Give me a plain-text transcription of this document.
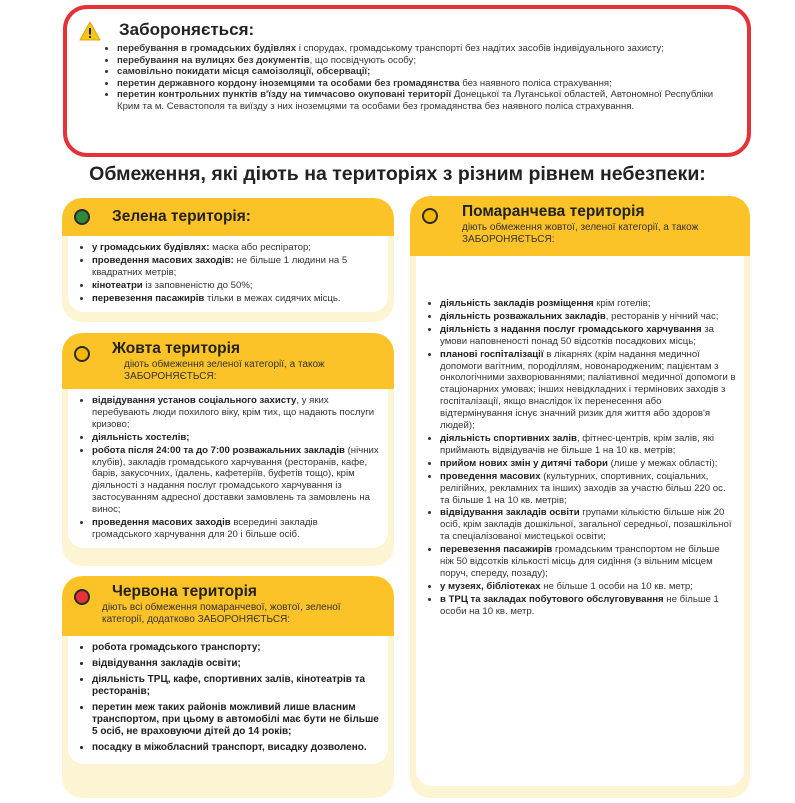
Забороняється:
• перебування в громадських будівлях і спорудах, громадському транспорті без надітих засобів індивідуального захисту;
• перебування на вулицях без документів, що посвідчують особу;
• самовільно покидати місця самоізоляції, обсервації;
• перетин державного кордону іноземцями та особами без громадянства без наявного поліса страхування;
• перетин контрольних пунктів в'їзду на тимчасово окуповані території Донецької та Луганської областей, Автономної Республіки Крим та м. Севастополя та виїзду з них іноземцями та особами без громадянства без наявного поліса страхування.
Обмеження, які діють на територіях з різним рівнем небезпеки:

Зелена територія:

• у громадських будівлях: маска або респіратор;
• проведення масових заходів: не більше 1 людини на 5 квадратних метрів;
• кінотеатри із заповненістю до 50%;
• перевезення пасажирів тільки в межах сидячих місць.

Жовта територія

діють обмеження зеленої категорії, а також ЗАБОРОНЯЄТЬСЯ:

• відвідування установ соціального захисту, у яких перебувають люди похилого віку, крім тих, що надають послуги кризово;
• діяльність хостелів;
• робота після 24:00 та до 7:00 розважальних закладів (нічних клубів), закладів громадського харчування (ресторанів, кафе, барів, закусочних, їдалень, кафетеріїв, буфетів тощо), крім діяльності з надання послуг громадського харчування із застосуванням адресної доставки замовлень та замовлень на винос;
• проведення масових заходів всередині закладів громадського харчування для 20 і більше осіб.

Червона територія

діють всі обмеження помаранчевої, жовтої, зеленої категорії, додатково ЗАБОРОНЯЄТЬСЯ:

• робота громадського транспорту;
• відвідування закладів освіти;
• діяльність ТРЦ, кафе, спортивних залів, кінотеатрів та ресторанів;
• перетин меж таких районів можливий лише власним транспортом, при цьому в автомобілі має бути не більше 5 осіб, не враховуючи дітей до 14 років;
• посадку в міжобласний транспорт, висадку дозволено.

Помаранчева територія

діють обмеження жовтої, зеленої категорії, а також ЗАБОРОНЯЄТЬСЯ:

• діяльність закладів розміщення крім готелів;
• діяльність розважальних закладів, ресторанів у нічний час;
• діяльність з надання послуг громадського харчування за умови наповненості понад 50 відсотків посадкових місць;
• планові госпіталізації в лікарнях (крім надання медичної допомоги вагітним, породіллям, новонародженим; пацієнтам з онкологічними захворюваннями; паліативної медичної допомоги в стаціонарних умовах; інших невідкладних і термінових заходів з госпіталізації, якщо внаслідок їх перенесення або відтермінування існує значний ризик для життя або здоров'я людей);
• діяльність спортивних залів, фітнес-центрів, крім залів, які приймають відвідувачів не більше 1 на 10 кв. метрів;
• прийом нових змін у дитячі табори (лише у межах області);
• проведення масових (культурних, спортивних, соціальних, релігійних, рекламних та інших) заходів за участю більш 220 ос. та більше 1 на 10 кв. метрів;
• відвідування закладів освіти групами кількістю більше ніж 20 осіб, крім закладів дошкільної, загальної середньої, позашкільної та спеціалізованої мистецької освіти;
• перевезення пасажирів громадським транспортом не більше ніж 50 відсотків кількості місць для сидіння (з вільним місцем поруч, спереду, позаду);
• у музеях, бібліотеках не більше 1 особи на 10 кв. метр;
• в ТРЦ та закладах побутового обслуговування не більше 1 особи на 10 кв. метр.
